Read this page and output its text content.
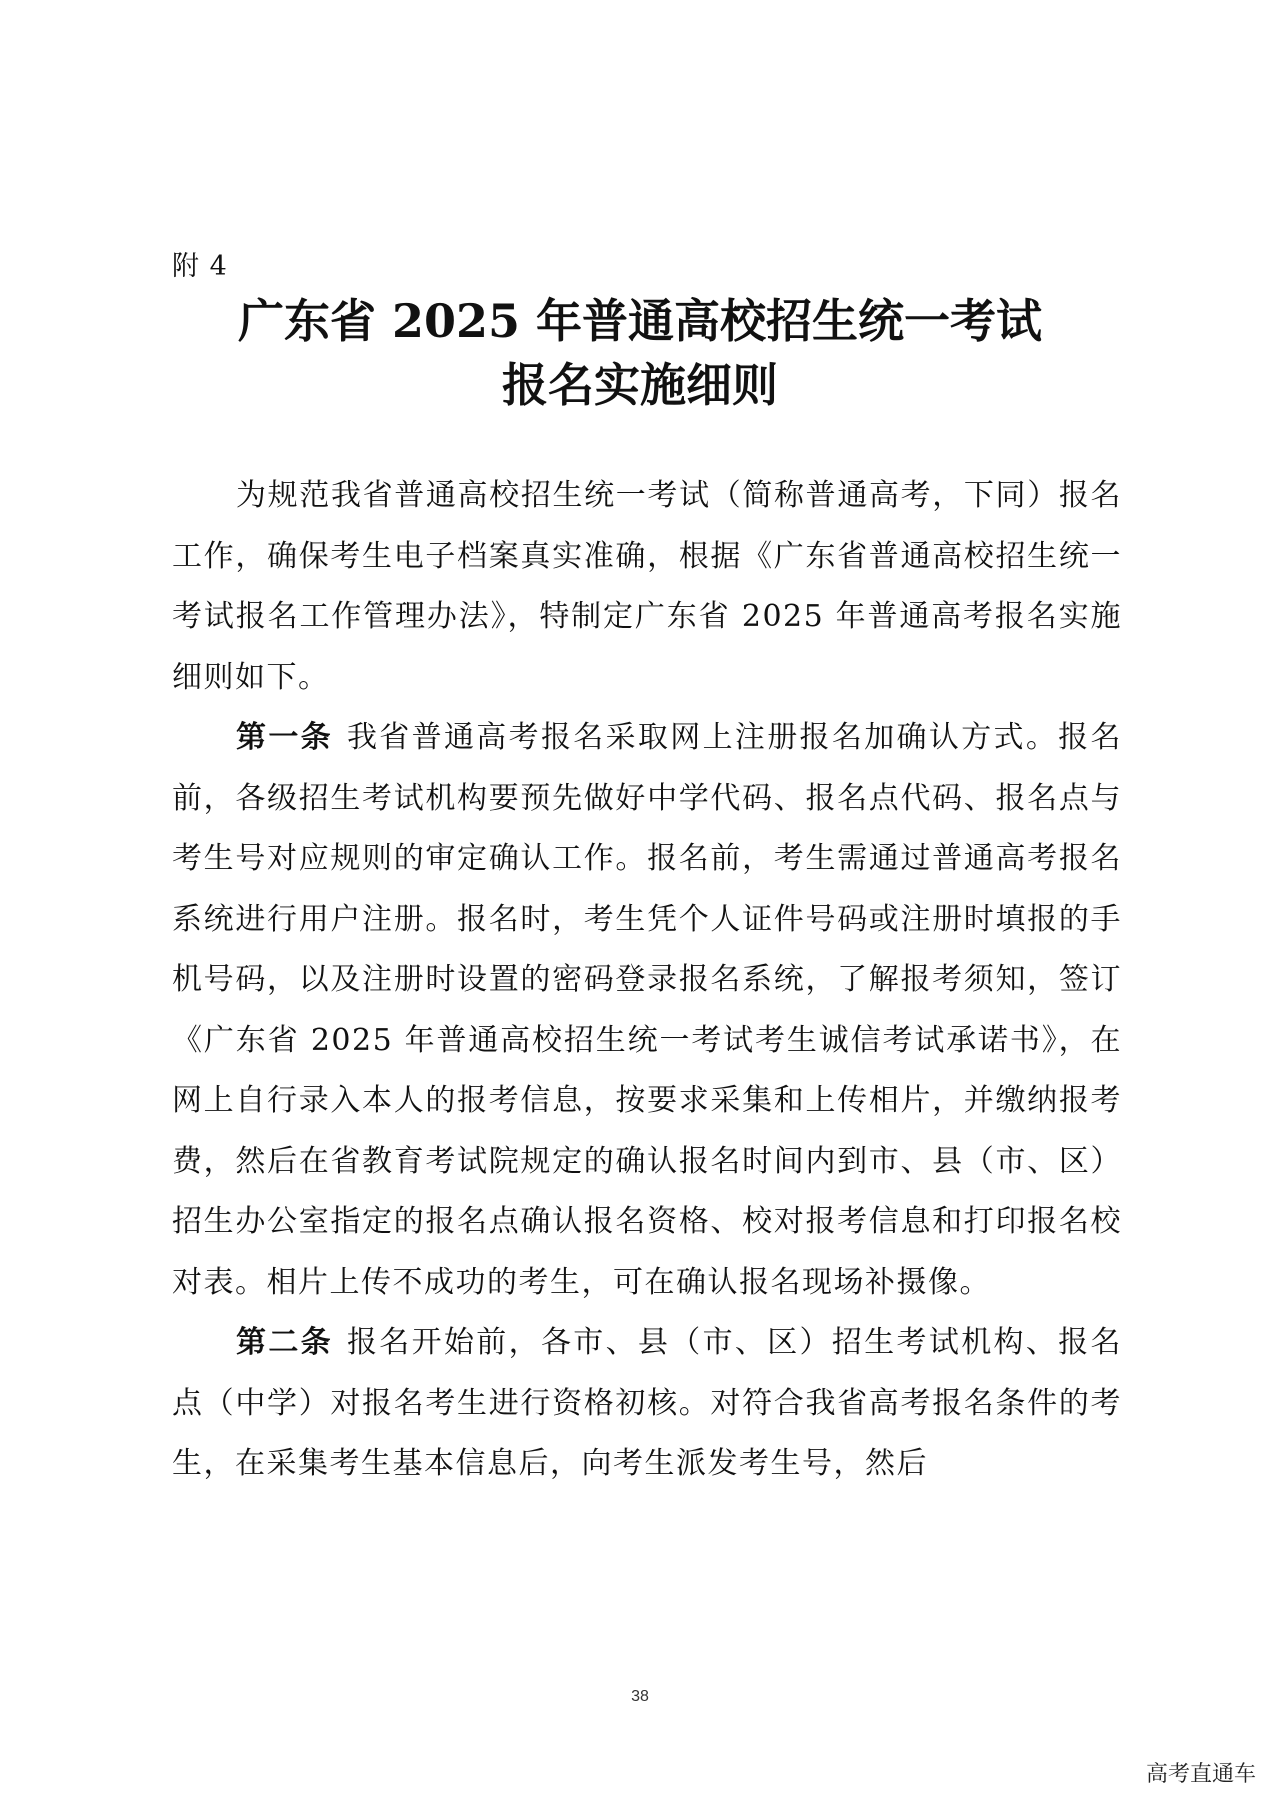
附 4
广东省 2025 年普通高校招生统一考试
报名实施细则

为规范我省普通高校招生统一考试（简称普通高考，下同）报名工作，确保考生电子档案真实准确，根据《广东省普通高校招生统一考试报名工作管理办法》，特制定广东省 2025 年普通高考报名实施细则如下。

第一条 我省普通高考报名采取网上注册报名加确认方式。报名前，各级招生考试机构要预先做好中学代码、报名点代码、报名点与考生号对应规则的审定确认工作。报名前，考生需通过普通高考报名系统进行用户注册。报名时，考生凭个人证件号码或注册时填报的手机号码，以及注册时设置的密码登录报名系统，了解报考须知，签订《广东省 2025 年普通高校招生统一考试考生诚信考试承诺书》，在网上自行录入本人的报考信息，按要求采集和上传相片，并缴纳报考费，然后在省教育考试院规定的确认报名时间内到市、县（市、区）招生办公室指定的报名点确认报名资格、校对报考信息和打印报名校对表。相片上传不成功的考生，可在确认报名现场补摄像。

第二条 报名开始前，各市、县（市、区）招生考试机构、报名点（中学）对报名考生进行资格初核。对符合我省高考报名条件的考生，在采集考生基本信息后，向考生派发考生号，然后

38
高考直通车
